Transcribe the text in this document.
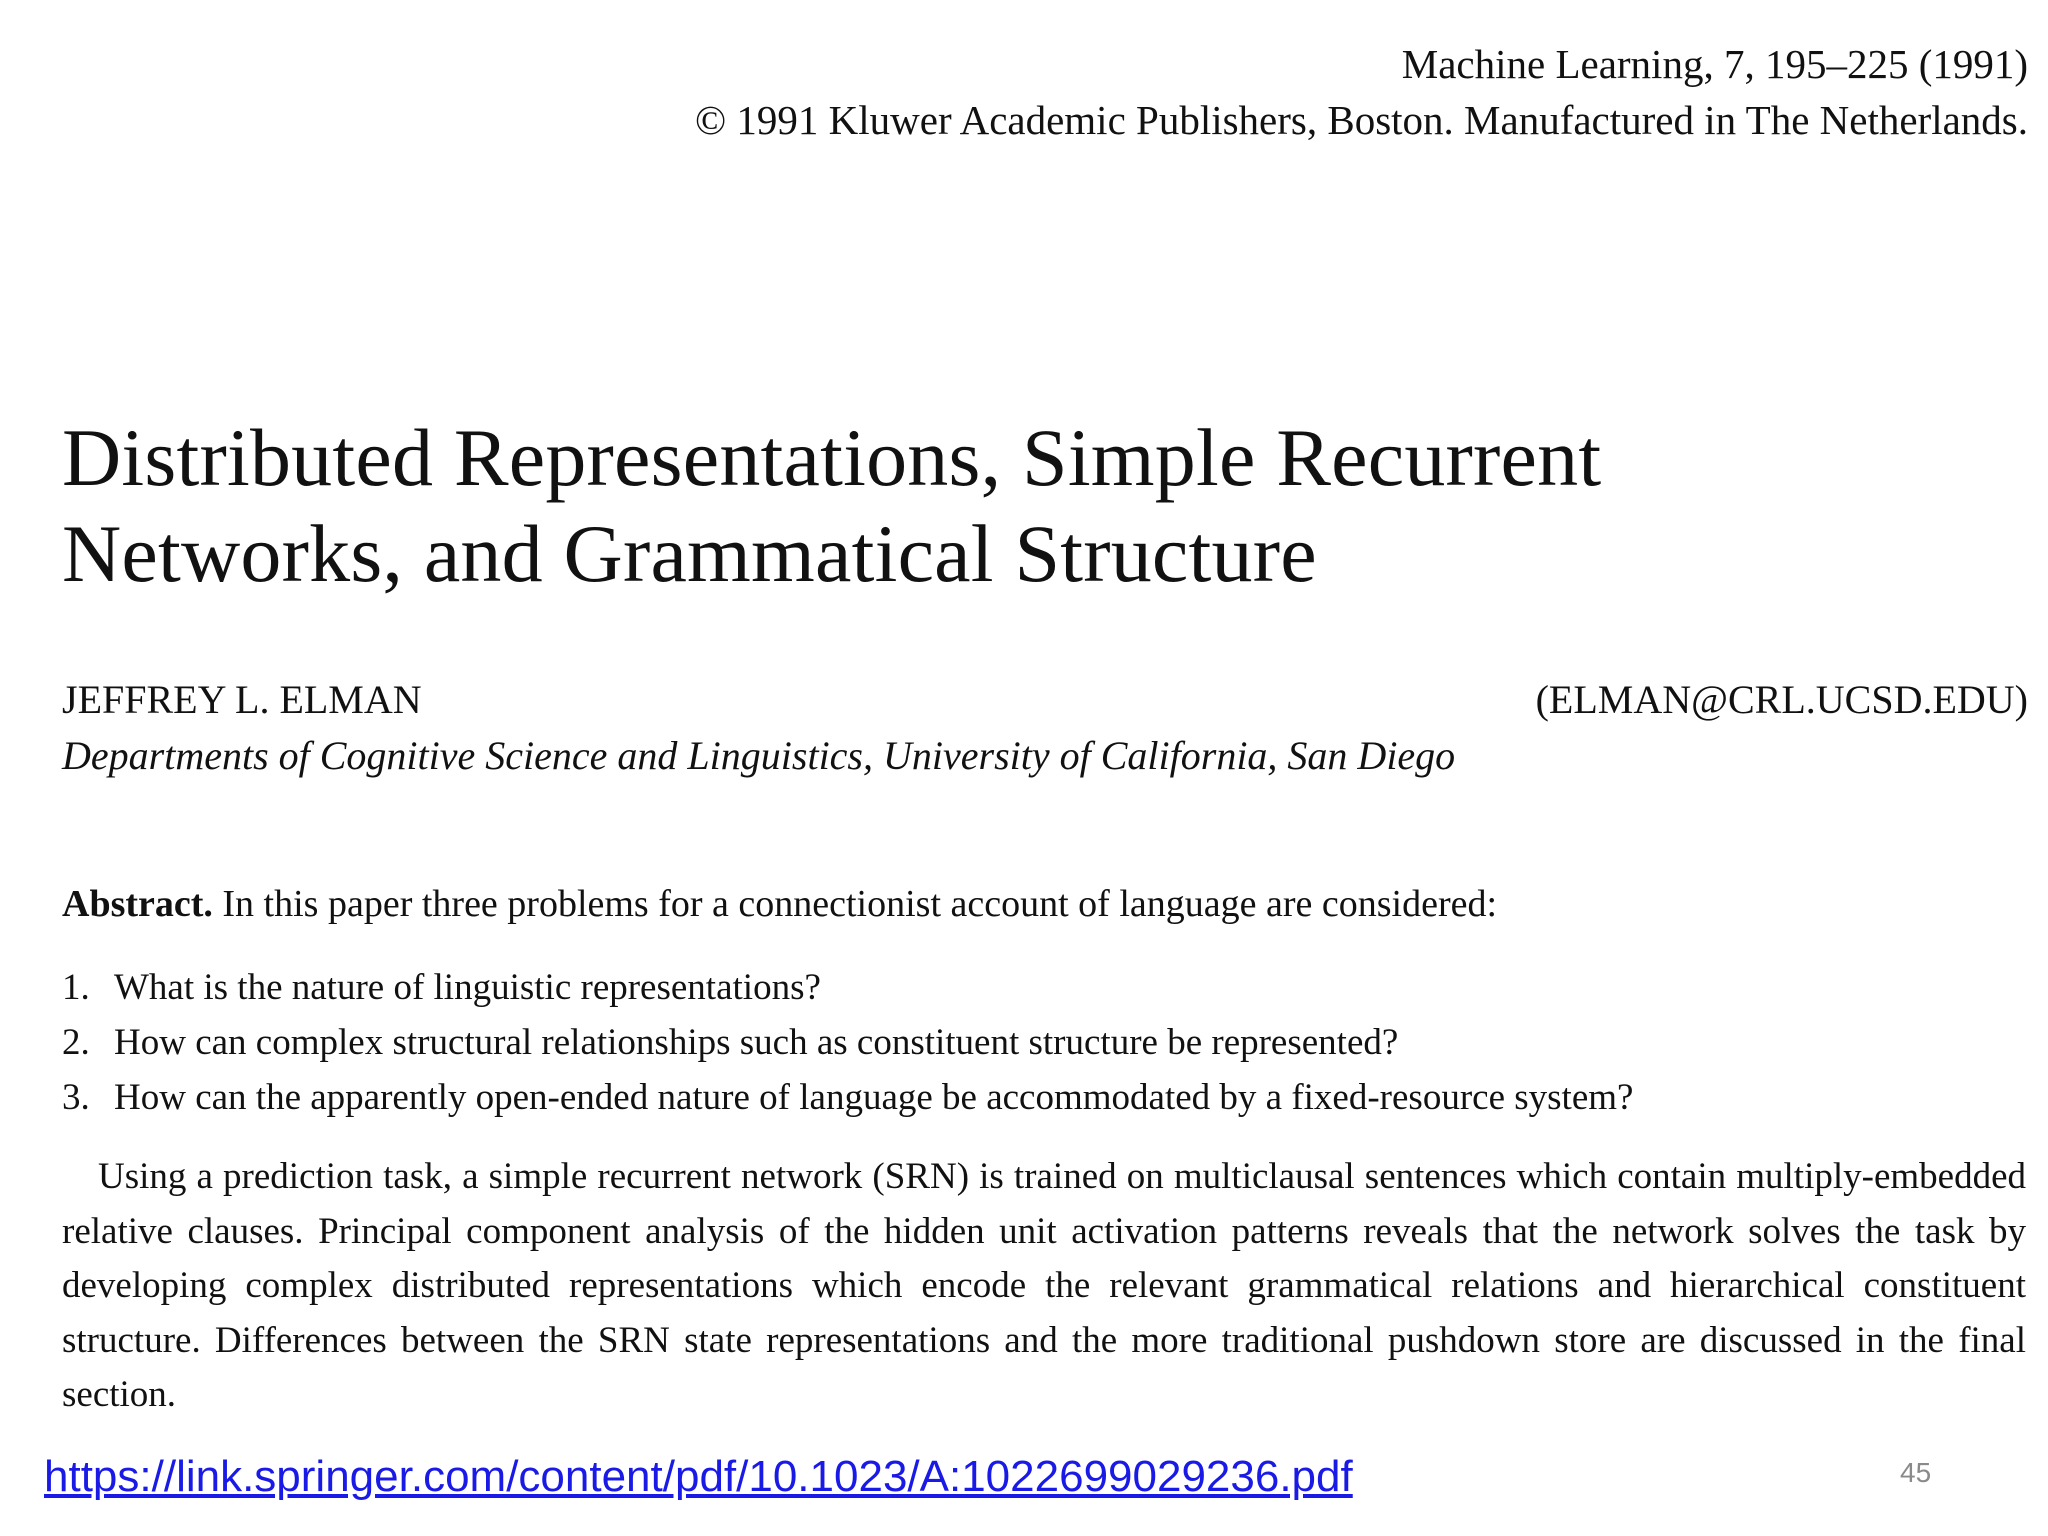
Machine Learning, 7, 195–225 (1991)
© 1991 Kluwer Academic Publishers, Boston. Manufactured in The Netherlands.
Distributed Representations, Simple Recurrent
Networks, and Grammatical Structure
JEFFREY L. ELMAN	(ELMAN@CRL.UCSD.EDU)
Departments of Cognitive Science and Linguistics, University of California, San Diego
Abstract. In this paper three problems for a connectionist account of language are considered:
1. What is the nature of linguistic representations?
2. How can complex structural relationships such as constituent structure be represented?
3. How can the apparently open-ended nature of language be accommodated by a fixed-resource system?
Using a prediction task, a simple recurrent network (SRN) is trained on multiclausal sentences which contain multiply-embedded relative clauses. Principal component analysis of the hidden unit activation patterns reveals that the network solves the task by developing complex distributed representations which encode the relevant grammatical relations and hierarchical constituent structure. Differences between the SRN state representations and the more traditional pushdown store are discussed in the final section.
https://link.springer.com/content/pdf/10.1023/A:1022699029236.pdf	45
